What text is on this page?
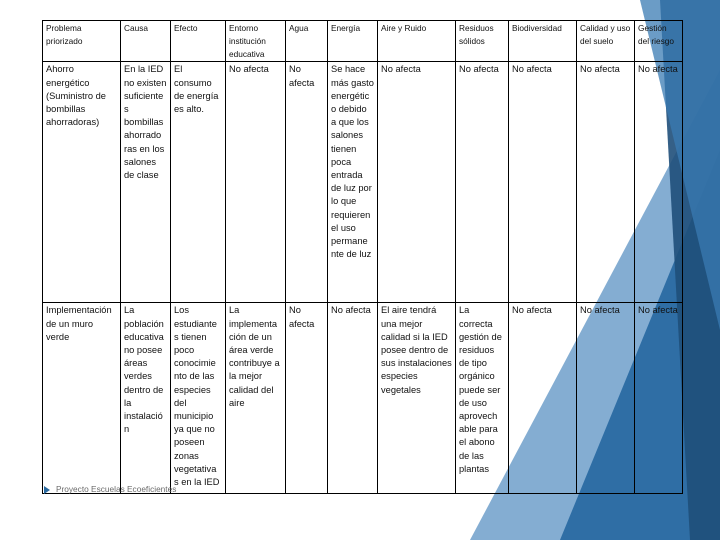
Problema priorizado	Causa	Efecto	Entorno institución educativa	Agua	Energía	Aire y Ruido	Residuos sólidos	Biodiversidad	Calidad y uso del suelo	Gestión del riesgo
Ahorro energético (Suministro de bombillas ahorradoras)	En la IED no existen suficiente s bombillas ahorrado ras en los salones de clase	El consumo de energía es alto.	No afecta	No afecta	Se hace más gasto energétic o debido a que los salones tienen poca entrada de luz por lo que requieren el uso permane nte de luz	No afecta	No afecta	No afecta	No afecta	No afecta
Implementación de un muro verde	La población educativa no posee áreas verdes dentro de la instalació n	Los estudiante s tienen poco conocimie nto de las especies del municipio ya que no poseen zonas vegetativa s en la IED	La implementa ción de un área verde contribuye a la mejor calidad del aire	No afecta	No afecta	El aire tendrá una mejor calidad si la IED posee dentro de sus instalaciones especies vegetales	La correcta gestión de residuos de tipo orgánico puede ser de uso aprovech able para el abono de las plantas	No afecta	No afecta	No afecta
Proyecto Escuelas Ecoeficientes
